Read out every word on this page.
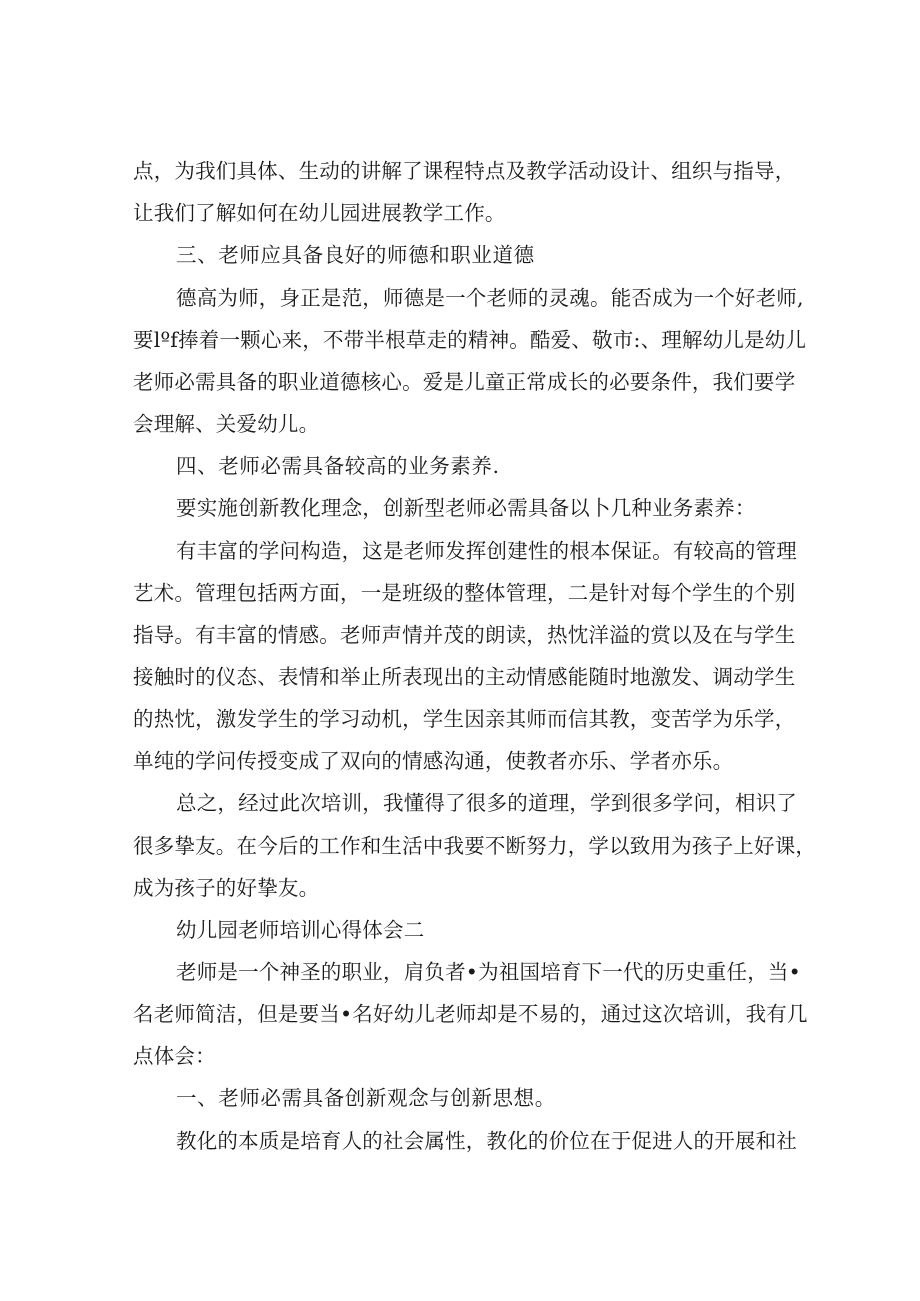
点，为我们具体、生动的讲解了课程特点及教学活动设计、组织与指导，
让我们了解如何在幼儿园进展教学工作。
三、老师应具备良好的师德和职业道德
德高为师，身正是范，师德是一个老师的灵魂。能否成为一个好老师,
要lºf捧着一颗心来，不带半根草走的精神。酷爱、敬市:、理解幼儿是幼儿
老师必需具备的职业道德核心。爱是儿童正常成长的必要条件，我们要学
会理解、关爱幼儿。
四、老师必需具备较高的业务素养.
要实施创新教化理念，创新型老师必需具备以卜几种业务素养：
有丰富的学问构造，这是老师发挥创建性的根本保证。有较高的管理
艺术。管理包括两方面，一是班级的整体管理，二是针对每个学生的个别
指导。有丰富的情感。老师声情并茂的朗读，热忱洋溢的赏以及在与学生
接触时的仪态、表情和举止所表现出的主动情感能随时地激发、调动学生
的热忱，激发学生的学习动机，学生因亲其师而信其教，变苦学为乐学，
单纯的学问传授变成了双向的情感沟通，使教者亦乐、学者亦乐。
总之，经过此次培训，我懂得了很多的道理，学到很多学问，相识了
很多挚友。在今后的工作和生活中我要不断努力，学以致用为孩子上好课，
成为孩子的好挚友。
幼儿园老师培训心得体会二
老师是一个神圣的职业，肩负者•为祖国培育下一代的历史重任，当•
名老师简洁，但是要当•名好幼儿老师却是不易的，通过这次培训，我有几
点体会：
一、老师必需具备创新观念与创新思想。
教化的本质是培育人的社会属性，教化的价位在于促进人的开展和社
